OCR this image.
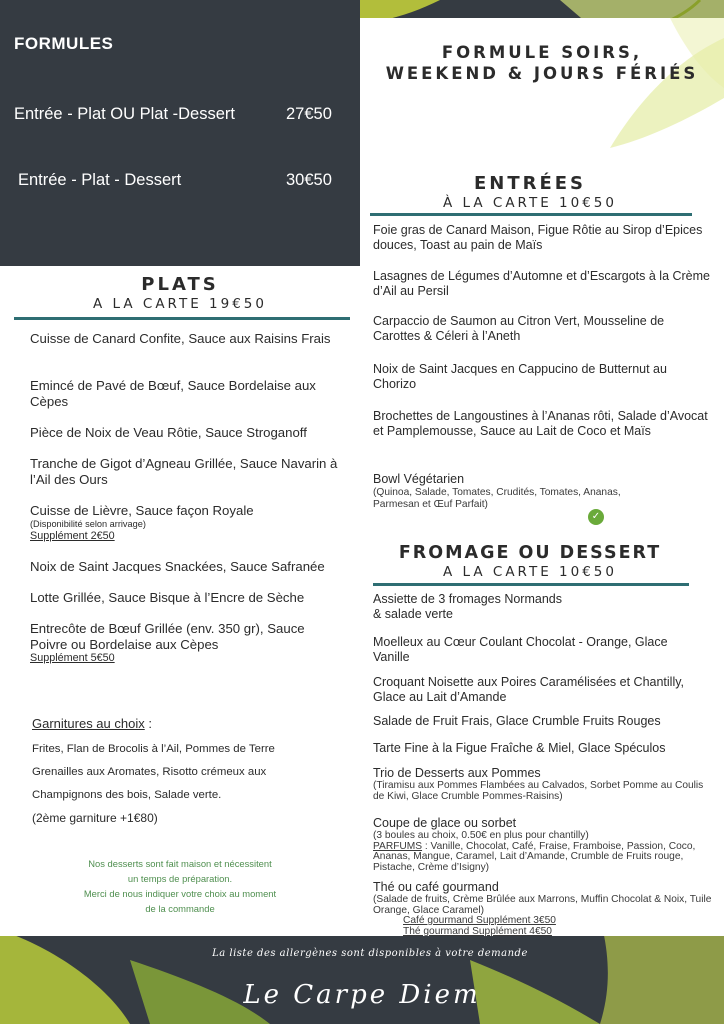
FORMULES
Entrée - Plat OU Plat -Dessert	27€50
Entrée - Plat - Dessert	30€50
PLATS
A LA CARTE 19€50
Cuisse de Canard Confite, Sauce aux Raisins Frais
Emincé de Pavé de Bœuf, Sauce Bordelaise aux Cèpes
Pièce de Noix de Veau Rôtie, Sauce Stroganoff
Tranche de Gigot d’Agneau Grillée, Sauce Navarin à l’Ail des Ours
Cuisse de Lièvre, Sauce façon Royale
(Disponibilité selon arrivage)
Supplément 2€50
Noix de Saint Jacques Snackées, Sauce Safranée
Lotte Grillée, Sauce Bisque à l’Encre de Sèche
Entrecôte de Bœuf Grillée (env. 350 gr), Sauce Poivre ou Bordelaise aux Cèpes
Supplément 5€50
Garnitures au choix :
Frites, Flan de Brocolis à l’Ail, Pommes de Terre
Grenailles aux Aromates, Risotto crémeux aux
Champignons des bois, Salade verte.
(2ème garniture +1€80)
Nos desserts sont fait maison et nécessitent
un temps de préparation.
Merci de nous indiquer votre choix au moment
de la commande
FORMULE SOIRS,
WEEKEND & JOURS FÉRIÉS
ENTRÉES
À LA CARTE 10€50
Foie gras de Canard Maison, Figue Rôtie au Sirop d’Epices douces, Toast au pain de Maïs
Lasagnes de Légumes d’Automne et d’Escargots à la Crème d’Ail au Persil
Carpaccio de Saumon au Citron Vert, Mousseline de Carottes & Céleri à l’Aneth
Noix de Saint Jacques en Cappucino de Butternut au Chorizo
Brochettes de Langoustines à l’Ananas rôti, Salade d’Avocat et Pamplemousse, Sauce au Lait de Coco et Maïs
Bowl Végétarien
(Quinoa, Salade, Tomates, Crudités, Tomates, Ananas, Parmesan et Œuf Parfait)
✓
FROMAGE OU DESSERT
A LA CARTE 10€50
Assiette de 3 fromages Normands & salade verte
Moelleux au Cœur Coulant Chocolat - Orange, Glace Vanille
Croquant Noisette aux Poires Caramélisées et Chantilly, Glace au Lait d’Amande
Salade de Fruit Frais, Glace Crumble Fruits Rouges
Tarte Fine à la Figue Fraîche & Miel, Glace Spéculos
Trio de Desserts aux Pommes
(Tiramisu aux Pommes Flambées au Calvados, Sorbet Pomme au Coulis de Kiwi, Glace Crumble Pommes-Raisins)
Coupe de glace ou sorbet
(3 boules au choix, 0.50€ en plus pour chantilly)
PARFUMS : Vanille, Chocolat, Café, Fraise, Framboise, Passion, Coco, Ananas, Mangue, Caramel, Lait d’Amande, Crumble de Fruits rouge, Pistache, Crème d’Isigny)
Thé ou café gourmand
(Salade de fruits, Crème Brûlée aux Marrons, Muffin Chocolat & Noix, Tuile Orange, Glace Caramel)
Café gourmand Supplément 3€50
Thé gourmand Supplément 4€50
La liste des allergènes sont disponibles à votre demande
Le Carpe Diem
